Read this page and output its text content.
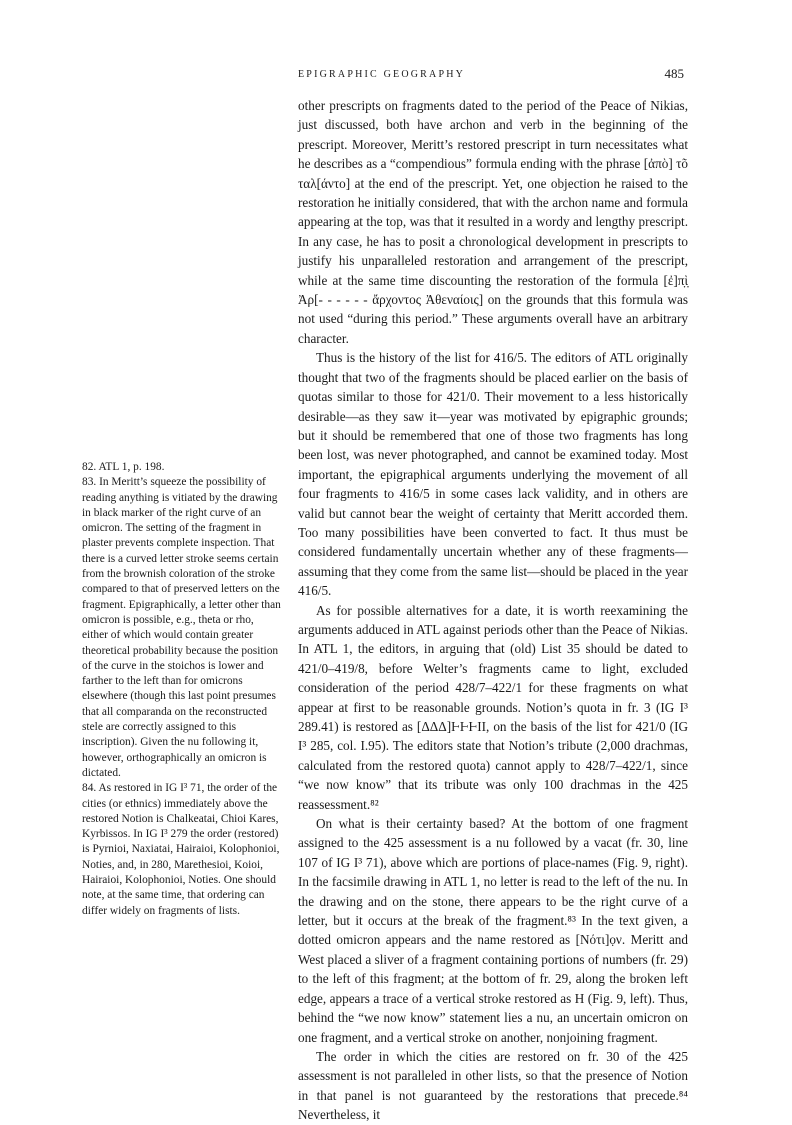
EPIGRAPHIC GEOGRAPHY	485

other prescripts on fragments dated to the period of the Peace of Nikias, just discussed, both have archon and verb in the beginning of the prescript. Moreover, Meritt’s restored prescript in turn necessitates what he describes as a “compendious” formula ending with the phrase [ἀπὸ] τõ ταλ[άντο] at the end of the prescript. Yet, one objection he raised to the restoration he initially considered, that with the archon name and formula appearing at the top, was that it resulted in a wordy and lengthy prescript. In any case, he has to posit a chronological development in prescripts to justify his unparalleled restoration and arrangement of the prescript, while at the same time discounting the restoration of the formula [ἐ]π̣ὶ̣ Ἀρ[- - - - - - ἄρχοντος Ἀθεναίοις] on the grounds that this formula was not used “during this period.” These arguments overall have an arbitrary character.

Thus is the history of the list for 416/5. The editors of ATL originally thought that two of the fragments should be placed earlier on the basis of quotas similar to those for 421/0. Their movement to a less historically desirable—as they saw it—year was motivated by epigraphic grounds; but it should be remembered that one of those two fragments has long been lost, was never photographed, and cannot be examined today. Most important, the epigraphical arguments underlying the movement of all four fragments to 416/5 in some cases lack validity, and in others are valid but cannot bear the weight of certainty that Meritt accorded them. Too many possibilities have been converted to fact. It thus must be considered fundamentally uncertain whether any of these fragments—assuming that they come from the same list—should be placed in the year 416/5.

As for possible alternatives for a date, it is worth reexamining the arguments adduced in ATL against periods other than the Peace of Nikias. In ATL 1, the editors, in arguing that (old) List 35 should be dated to 421/0–419/8, before Welter’s fragments came to light, excluded consideration of the period 428/7–422/1 for these fragments on what appear at first to be reasonable grounds. Notion’s quota in fr. 3 (IG I³ 289.41) is restored as [ΔΔΔ]ⱵⱵⱵII, on the basis of the list for 421/0 (IG I³ 285, col. I.95). The editors state that Notion’s tribute (2,000 drachmas, calculated from the restored quota) cannot apply to 428/7–422/1, since “we now know” that its tribute was only 100 drachmas in the 425 reassessment.⁸²

On what is their certainty based? At the bottom of one fragment assigned to the 425 assessment is a nu followed by a vacat (fr. 30, line 107 of IG I³ 71), above which are portions of place-names (Fig. 9, right). In the facsimile drawing in ATL 1, no letter is read to the left of the nu. In the drawing and on the stone, there appears to be the right curve of a letter, but it occurs at the break of the fragment.⁸³ In the text given, a dotted omicron appears and the name restored as [Νότι]ọν. Meritt and West placed a sliver of a fragment containing portions of numbers (fr. 29) to the left of this fragment; at the bottom of fr. 29, along the broken left edge, appears a trace of a vertical stroke restored as H (Fig. 9, left). Thus, behind the “we now know” statement lies a nu, an uncertain omicron on one fragment, and a vertical stroke on another, nonjoining fragment.

The order in which the cities are restored on fr. 30 of the 425 assessment is not paralleled in other lists, so that the presence of Notion in that panel is not guaranteed by the restorations that precede.⁸⁴ Nevertheless, it

82. ATL 1, p. 198.

83. In Meritt’s squeeze the possibility of reading anything is vitiated by the drawing in black marker of the right curve of an omicron. The setting of the fragment in plaster prevents complete inspection. That there is a curved letter stroke seems certain from the brownish coloration of the stroke compared to that of preserved letters on the fragment. Epigraphically, a letter other than omicron is possible, e.g., theta or rho, either of which would contain greater theoretical probability because the position of the curve in the stoichos is lower and farther to the left than for omicrons elsewhere (though this last point presumes that all comparanda on the reconstructed stele are correctly assigned to this inscription). Given the nu following it, however, orthographically an omicron is dictated.

84. As restored in IG I³ 71, the order of the cities (or ethnics) immediately above the restored Notion is Chalkeatai, Chioi Kares, Kyrbissos. In IG I³ 279 the order (restored) is Pyrnioi, Naxiatai, Hairaioi, Kolophonioi, Noties, and, in 280, Marethesioi, Koioi, Hairaioi, Kolophonioi, Noties. One should note, at the same time, that ordering can differ widely on fragments of lists.
